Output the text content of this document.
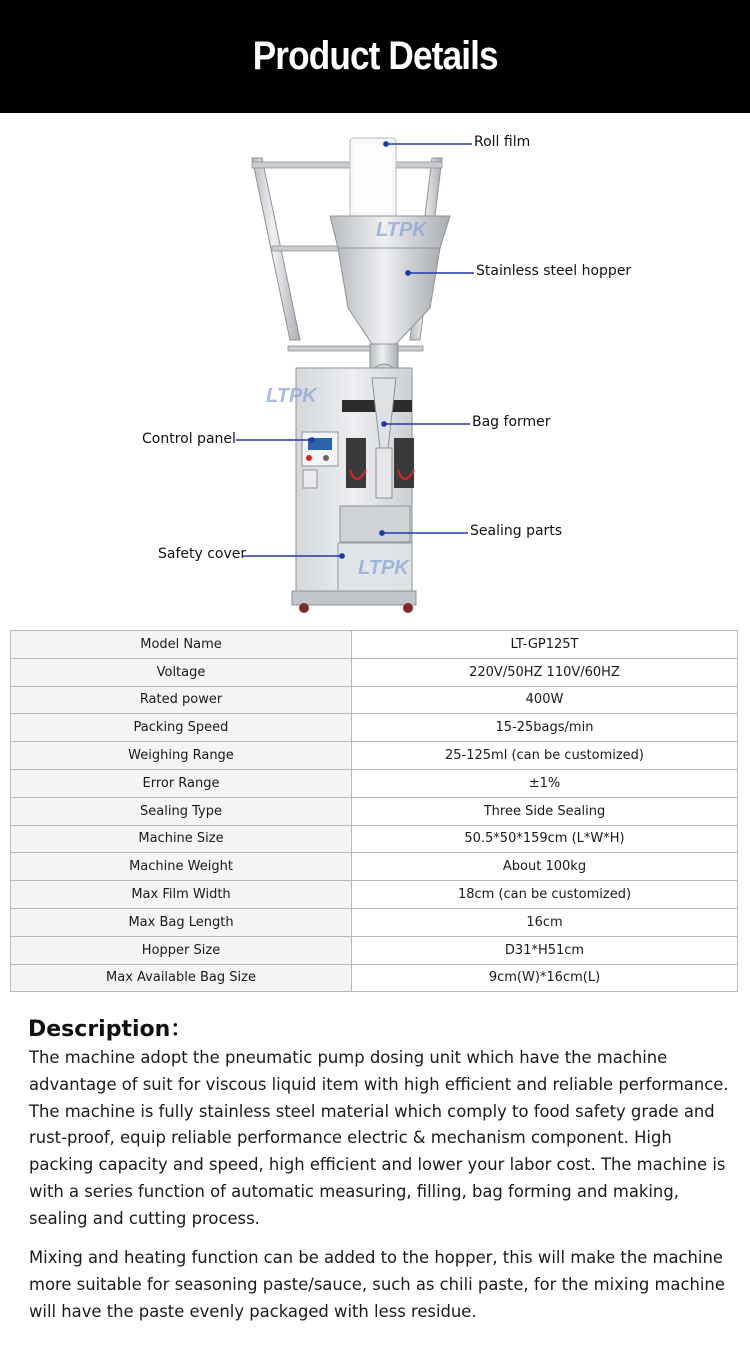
Product Details
LTPK
LTPK
LTPK
Roll film
Stainless steel hopper
Bag former
Control panel
Sealing parts
Safety cover
Model Name	LT-GP125T
Voltage	220V/50HZ 110V/60HZ
Rated power	400W
Packing Speed	15-25bags/min
Weighing Range	25-125ml (can be customized)
Error Range	±1%
Sealing Type	Three Side Sealing
Machine Size	50.5*50*159cm (L*W*H)
Machine Weight	About 100kg
Max Film Width	18cm (can be customized)
Max Bag Length	16cm
Hopper Size	D31*H51cm
Max Available Bag Size	9cm(W)*16cm(L)
Description：

The machine adopt the pneumatic pump dosing unit which have the machine advantage of suit for viscous liquid item with high efficient and reliable performance. The machine is fully stainless steel material which comply to food safety grade and rust-proof, equip reliable performance electric & mechanism component. High packing capacity and speed, high efficient and lower your labor cost. The machine is with a series function of automatic measuring, filling, bag forming and making, sealing and cutting process.

Mixing and heating function can be added to the hopper, this will make the machine more suitable for seasoning paste/sauce, such as chili paste, for the mixing machine will have the paste evenly packaged with less residue.
